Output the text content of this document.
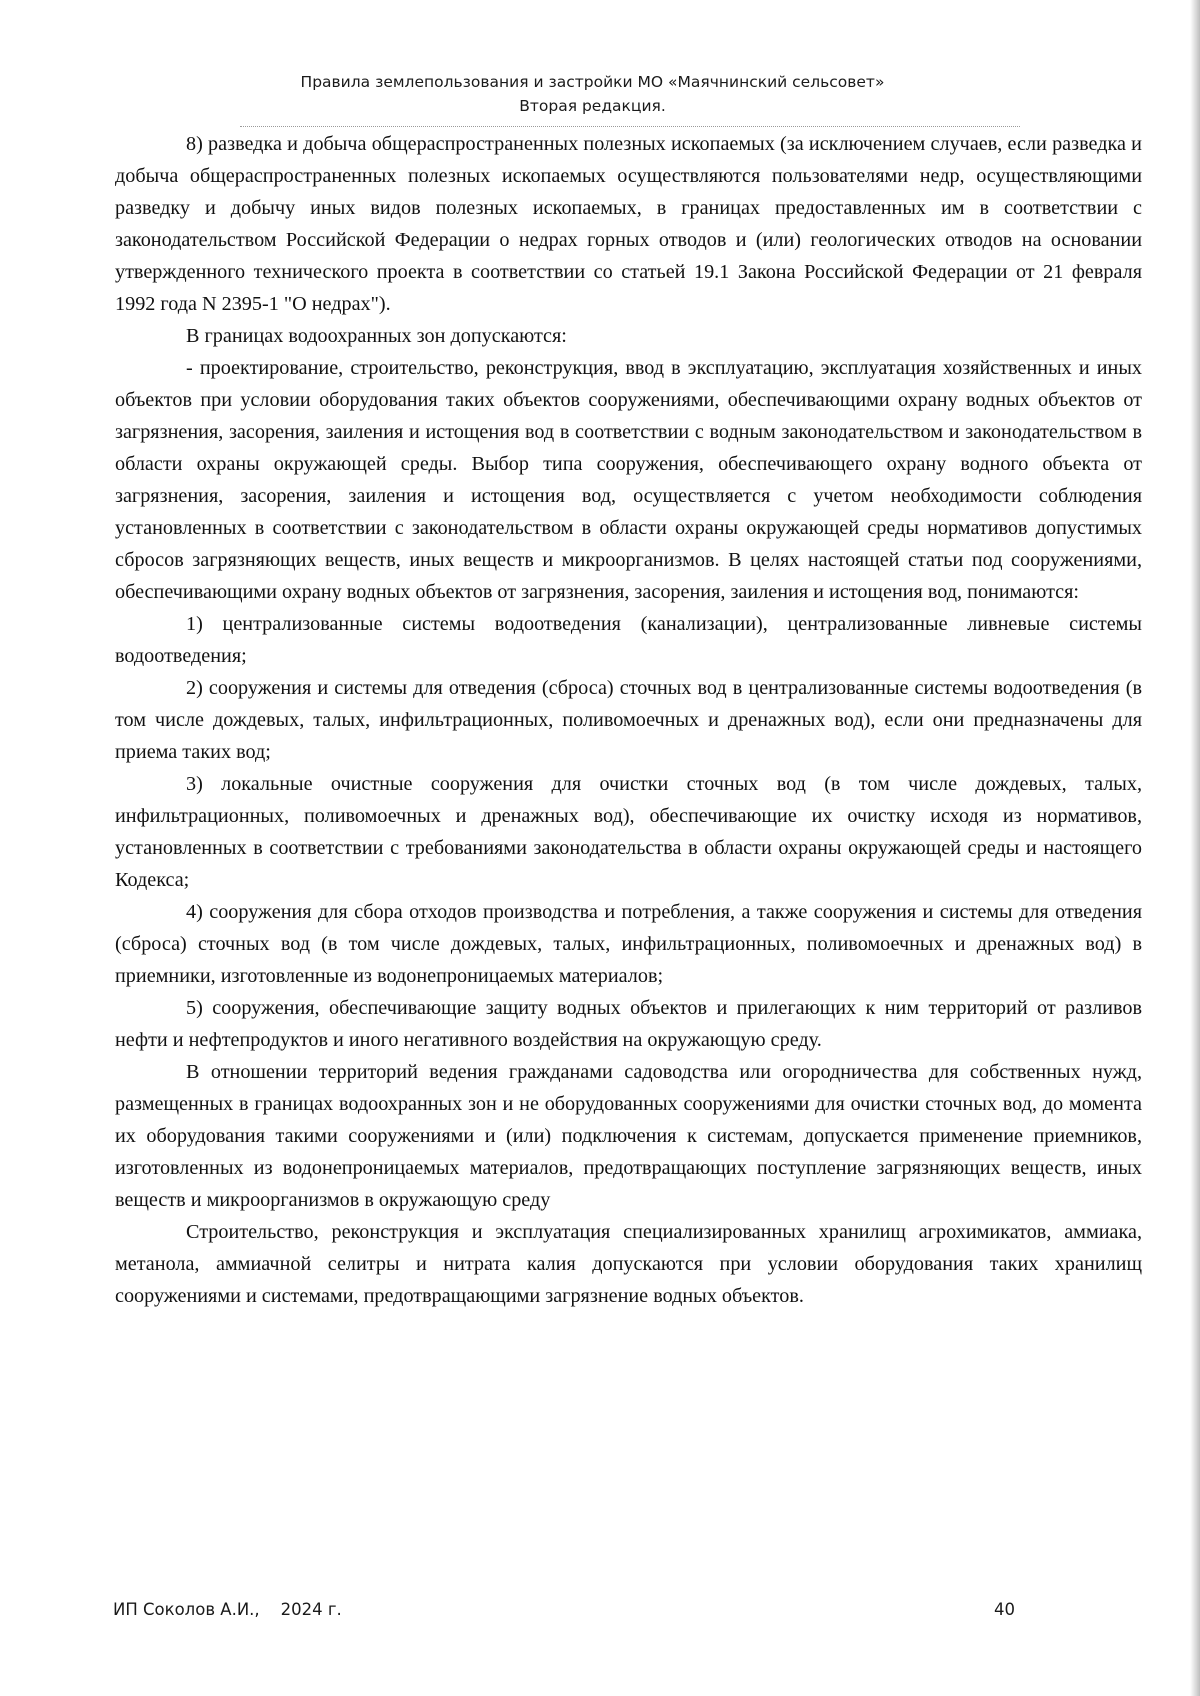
Правила землепользования и застройки МО «Маячнинский сельсовет»
Вторая редакция.

8) разведка и добыча общераспространенных полезных ископаемых (за исключением случаев, если разведка и добыча общераспространенных полезных ископаемых осуществляются пользователями недр, осуществляющими разведку и добычу иных видов полезных ископаемых, в границах предоставленных им в соответствии с законодательством Российской Федерации о недрах горных отводов и (или) геологических отводов на основании утвержденного технического проекта в соответствии со статьей 19.1 Закона Российской Федерации от 21 февраля 1992 года N 2395-1 "О недрах").

В границах водоохранных зон допускаются:

- проектирование, строительство, реконструкция, ввод в эксплуатацию, эксплуатация хозяйственных и иных объектов при условии оборудования таких объектов сооружениями, обеспечивающими охрану водных объектов от загрязнения, засорения, заиления и истощения вод в соответствии с водным законодательством и законодательством в области охраны окружающей среды. Выбор типа сооружения, обеспечивающего охрану водного объекта от загрязнения, засорения, заиления и истощения вод, осуществляется с учетом необходимости соблюдения установленных в соответствии с законодательством в области охраны окружающей среды нормативов допустимых сбросов загрязняющих веществ, иных веществ и микроорганизмов. В целях настоящей статьи под сооружениями, обеспечивающими охрану водных объектов от загрязнения, засорения, заиления и истощения вод, понимаются:

1) централизованные системы водоотведения (канализации), централизованные ливневые системы водоотведения;

2) сооружения и системы для отведения (сброса) сточных вод в централизованные системы водоотведения (в том числе дождевых, талых, инфильтрационных, поливомоечных и дренажных вод), если они предназначены для приема таких вод;

3) локальные очистные сооружения для очистки сточных вод (в том числе дождевых, талых, инфильтрационных, поливомоечных и дренажных вод), обеспечивающие их очистку исходя из нормативов, установленных в соответствии с требованиями законодательства в области охраны окружающей среды и настоящего Кодекса;

4) сооружения для сбора отходов производства и потребления, а также сооружения и системы для отведения (сброса) сточных вод (в том числе дождевых, талых, инфильтрационных, поливомоечных и дренажных вод) в приемники, изготовленные из водонепроницаемых материалов;

5) сооружения, обеспечивающие защиту водных объектов и прилегающих к ним территорий от разливов нефти и нефтепродуктов и иного негативного воздействия на окружающую среду.

В отношении территорий ведения гражданами садоводства или огородничества для собственных нужд, размещенных в границах водоохранных зон и не оборудованных сооружениями для очистки сточных вод, до момента их оборудования такими сооружениями и (или) подключения к системам, допускается применение приемников, изготовленных из водонепроницаемых материалов, предотвращающих поступление загрязняющих веществ, иных веществ и микроорганизмов в окружающую среду

Строительство, реконструкция и эксплуатация специализированных хранилищ агрохимикатов, аммиака, метанола, аммиачной селитры и нитрата калия допускаются при условии оборудования таких хранилищ сооружениями и системами, предотвращающими загрязнение водных объектов.

ИП Соколов А.И.,    2024 г.	40
